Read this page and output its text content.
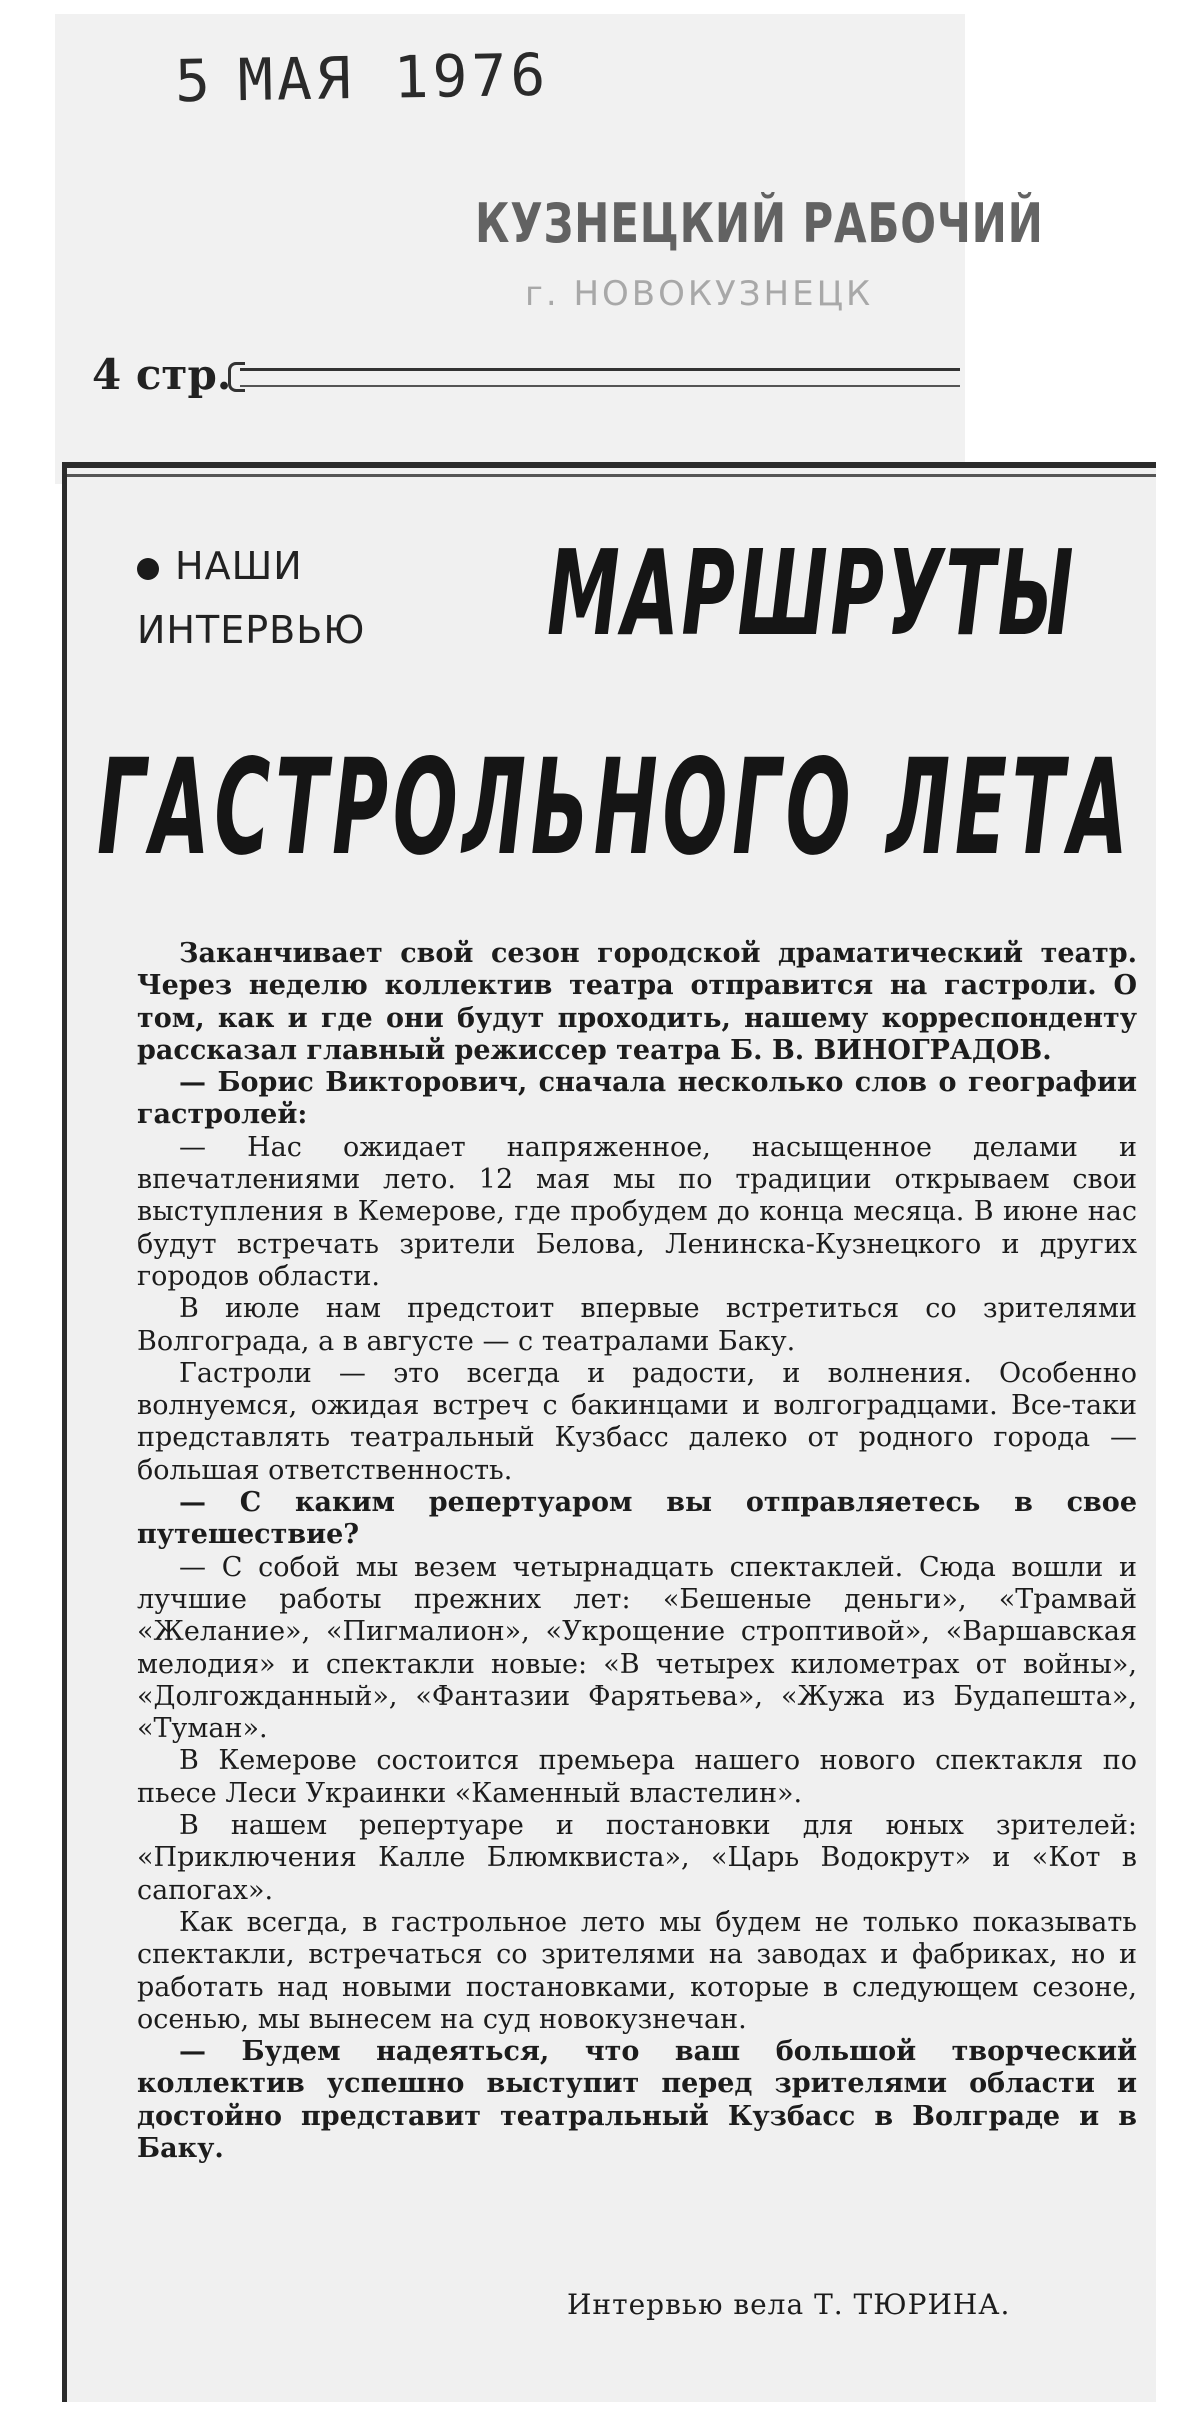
5 МАЯ 1976
КУЗНЕЦКИЙ РАБОЧИЙ
г. НОВОКУЗНЕЦК
4 стр.
НАШИ
ИНТЕРВЬЮ МАРШРУТЫ
ГАСТРОЛЬНОГО ЛЕТА

Заканчивает свой сезон городской драматический театр. Через неделю коллектив театра отправится на гастроли. О том, как и где они будут проходить, нашему корреспонденту рассказал главный режиссер театра Б. В. ВИНОГРАДОВ.

— Борис Викторович, сначала несколько слов о географии гастролей:

— Нас ожидает напряженное, насыщенное делами и впечатлениями лето. 12 мая мы по традиции открываем свои выступления в Кемерове, где пробудем до конца месяца. В июне нас будут встречать зрители Белова, Ленинска-Кузнецкого и других городов области.

В июле нам предстоит впервые встретиться со зрителями Волгограда, а в августе — с театралами Баку.

Гастроли — это всегда и радости, и волнения. Особенно волнуемся, ожидая встреч с бакинцами и волгоградцами. Все-таки представлять театральный Кузбасс далеко от родного города — большая ответственность.

— С каким репертуаром вы отправляетесь в свое путешествие?

— С собой мы везем четырнадцать спектаклей. Сюда вошли и лучшие работы прежних лет: «Бешеные деньги», «Трамвай «Желание», «Пигмалион», «Укрощение строптивой», «Варшавская мелодия» и спектакли новые: «В четырех километрах от войны», «Долгожданный», «Фантазии Фарятьева», «Жужа из Будапешта», «Туман».

В Кемерове состоится премьера нашего нового спектакля по пьесе Леси Украинки «Каменный властелин».

В нашем репертуаре и постановки для юных зрителей: «Приключения Калле Блюмквиста», «Царь Водокрут» и «Кот в сапогах».

Как всегда, в гастрольное лето мы будем не только показывать спектакли, встречаться со зрителями на заводах и фабриках, но и работать над новыми постановками, которые в следующем сезоне, осенью, мы вынесем на суд новокузнечан.

— Будем надеяться, что ваш большой творческий коллектив успешно выступит перед зрителями области и достойно представит театральный Кузбасс в Волграде и в Баку.

Интервью вела Т. ТЮРИНА.
